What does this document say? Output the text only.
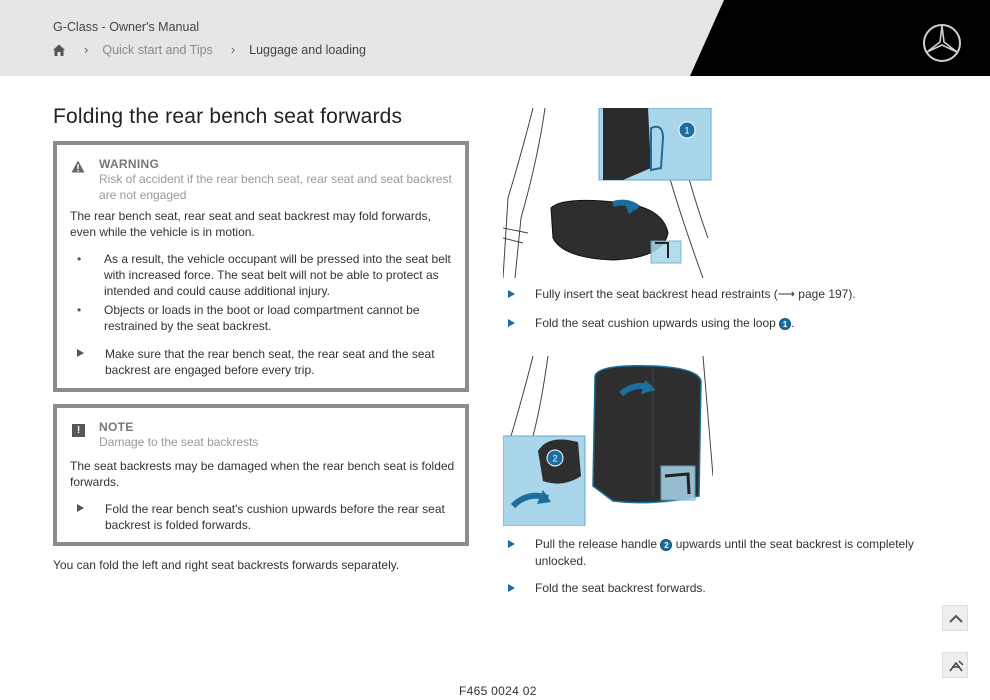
G-Class - Owner's Manual
› Quick start and Tips › Luggage and loading
Folding the rear bench seat forwards
WARNING
Risk of accident if the rear bench seat, rear seat and seat backrest are not engaged

The rear bench seat, rear seat and seat backrest may fold forwards, even while the vehicle is in motion.

• As a result, the vehicle occupant will be pressed into the seat belt with increased force. The seat belt will not be able to protect as intended and could cause additional injury.
• Objects or loads in the boot or load compartment cannot be restrained by the seat backrest.
Make sure that the rear bench seat, the rear seat and the seat backrest are engaged before every trip.
!	NOTE
Damage to the seat backrests

The seat backrests may be damaged when the rear bench seat is folded forwards.

Fold the rear bench seat's cushion upwards before the rear seat backrest is folded forwards.

You can fold the left and right seat backrests forwards separately.

1
Fully insert the seat backrest head restraints (⟶ page 197).
Fold the seat cushion upwards using the loop 1 .
2
Pull the release handle 2 upwards until the seat backrest is completely unlocked.
Fold the seat backrest forwards.
F465 0024 02
